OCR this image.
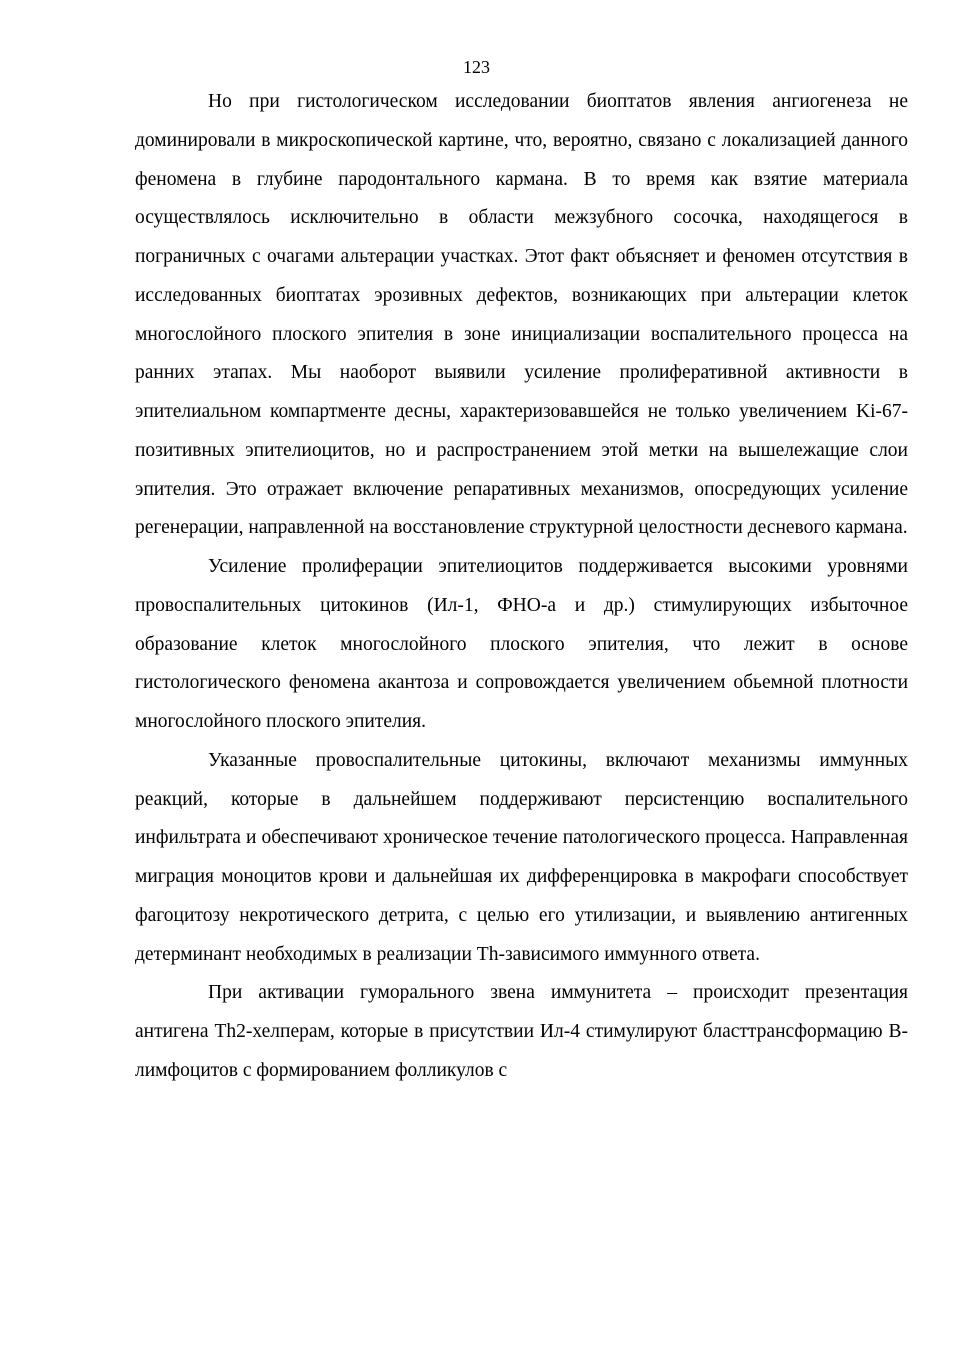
123

Но при гистологическом исследовании биоптатов явления ангиогенеза не доминировали в микроскопической картине, что, вероятно, связано с локализацией данного феномена в глубине пародонтального кармана. В то время как взятие материала осуществлялось исключительно в области межзубного сосочка, находящегося в пограничных с очагами альтерации участках. Этот факт объясняет и феномен отсутствия в исследованных биоптатах эрозивных дефектов, возникающих при альтерации клеток многослойного плоского эпителия в зоне инициализации воспалительного процесса на ранних этапах. Мы наоборот выявили усиление пролиферативной активности в эпителиальном компартменте десны, характеризовавшейся не только увеличением Ki-67-позитивных эпителиоцитов, но и распространением этой метки на вышележащие слои эпителия. Это отражает включение репаративных механизмов, опосредующих усиление регенерации, направленной на восстановление структурной целостности десневого кармана.

Усиление пролиферации эпителиоцитов поддерживается высокими уровнями провоспалительных цитокинов (Ил-1, ФНО-a и др.) стимулирующих избыточное образование клеток многослойного плоского эпителия, что лежит в основе гистологического феномена акантоза и сопровождается увеличением обьемной плотности многослойного плоского эпителия.

Указанные провоспалительные цитокины, включают механизмы иммунных реакций, которые в дальнейшем поддерживают персистенцию воспалительного инфильтрата и обеспечивают хроническое течение патологического процесса. Направленная миграция моноцитов крови и дальнейшая их дифференцировка в макрофаги способствует фагоцитозу некротического детрита, с целью его утилизации, и выявлению антигенных детерминант необходимых в реализации Th-зависимого иммунного ответа.

При активации гуморального звена иммунитета – происходит презентация антигена Th2-хелперам, которые в присутствии Ил-4 стимулируют бласттрансформацию В-лимфоцитов с формированием фолликулов с
